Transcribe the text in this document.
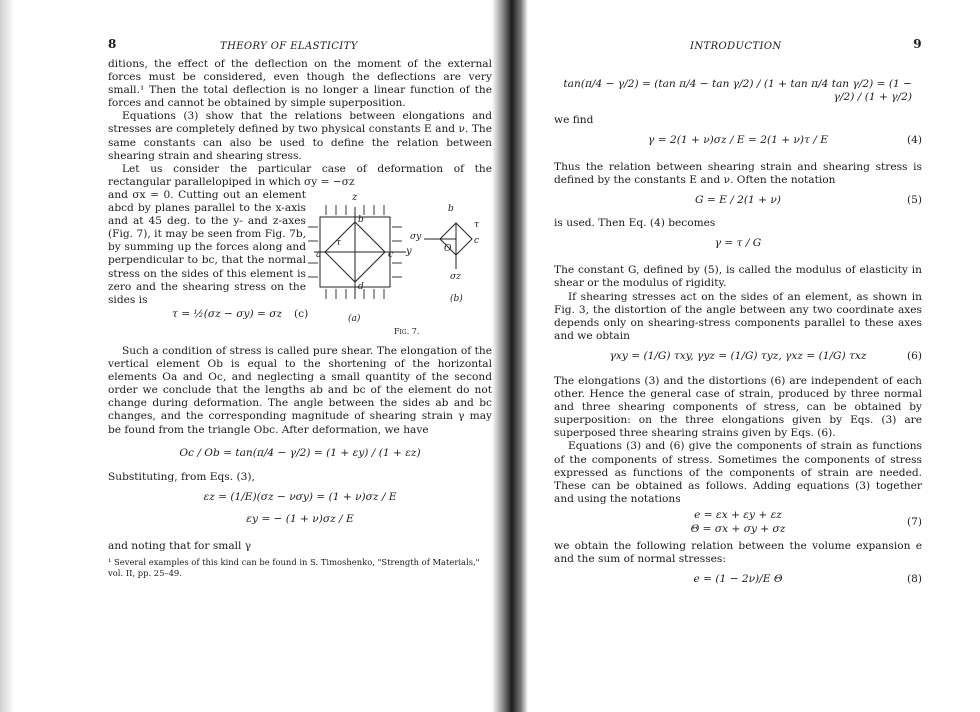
8	THEORY OF ELASTICITY

ditions, the effect of the deflection on the moment of the external forces must be considered, even though the deflections are very small.¹ Then the total deflection is no longer a linear function of the forces and cannot be obtained by simple superposition.

Equations (3) show that the relations between elongations and stresses are completely defined by two physical constants E and ν. The same constants can also be used to define the relation between shearing strain and shearing stress.

Let us consider the particular case of deformation of the rectangular parallelopiped in which σy = −σz

and σx = 0. Cutting out an element abcd by planes parallel to the x-axis and at 45 deg. to the y- and z-axes (Fig. 7), it may be seen from Fig. 7b, by summing up the forces along and perpendicular to bc, that the normal stress on the sides of this element is zero and the shearing stress on the sides is

τ = ½(σz − σy) = σz (c)
z
y
a
b
c
d
τ
b
c
O
σy
σz
τ
(b)
(a)
Fig. 7.

Such a condition of stress is called pure shear. The elongation of the vertical element Ob is equal to the shortening of the horizontal elements Oa and Oc, and neglecting a small quantity of the second order we conclude that the lengths ab and bc of the element do not change during deformation. The angle between the sides ab and bc changes, and the corresponding magnitude of shearing strain γ may be found from the triangle Obc. After deformation, we have

Oc / Ob = tan(π/4 − γ/2) = (1 + εy) / (1 + εz)

Substituting, from Eqs. (3),

εz = (1/E)(σz − νσy) = (1 + ν)σz / E
εy = − (1 + ν)σz / E

and noting that for small γ

¹ Several examples of this kind can be found in S. Timoshenko, "Strength of Materials," vol. II, pp. 25–49.

INTRODUCTION	9
tan(π/4 − γ/2) = (tan π/4 − tan γ/2) / (1 + tan π/4 tan γ/2) = (1 − γ/2) / (1 + γ/2)

we find

γ = 2(1 + ν)σz / E = 2(1 + ν)τ / E	(4)

Thus the relation between shearing strain and shearing stress is defined by the constants E and ν. Often the notation

G = E / 2(1 + ν)	(5)

is used. Then Eq. (4) becomes

γ = τ / G

The constant G, defined by (5), is called the modulus of elasticity in shear or the modulus of rigidity.

If shearing stresses act on the sides of an element, as shown in Fig. 3, the distortion of the angle between any two coordinate axes depends only on shearing-stress components parallel to these axes and we obtain

γxy = (1/G) τxy, γyz = (1/G) τyz, γxz = (1/G) τxz	(6)

The elongations (3) and the distortions (6) are independent of each other. Hence the general case of strain, produced by three normal and three shearing components of stress, can be obtained by superposition: on the three elongations given by Eqs. (3) are superposed three shearing strains given by Eqs. (6).

Equations (3) and (6) give the components of strain as functions of the components of stress. Sometimes the components of stress expressed as functions of the components of strain are needed. These can be obtained as follows. Adding equations (3) together and using the notations

e = εx + εy + εz
Θ = σx + σy + σz
(7)

we obtain the following relation between the volume expansion e and the sum of normal stresses:

e = (1 − 2ν)/E Θ	(8)
